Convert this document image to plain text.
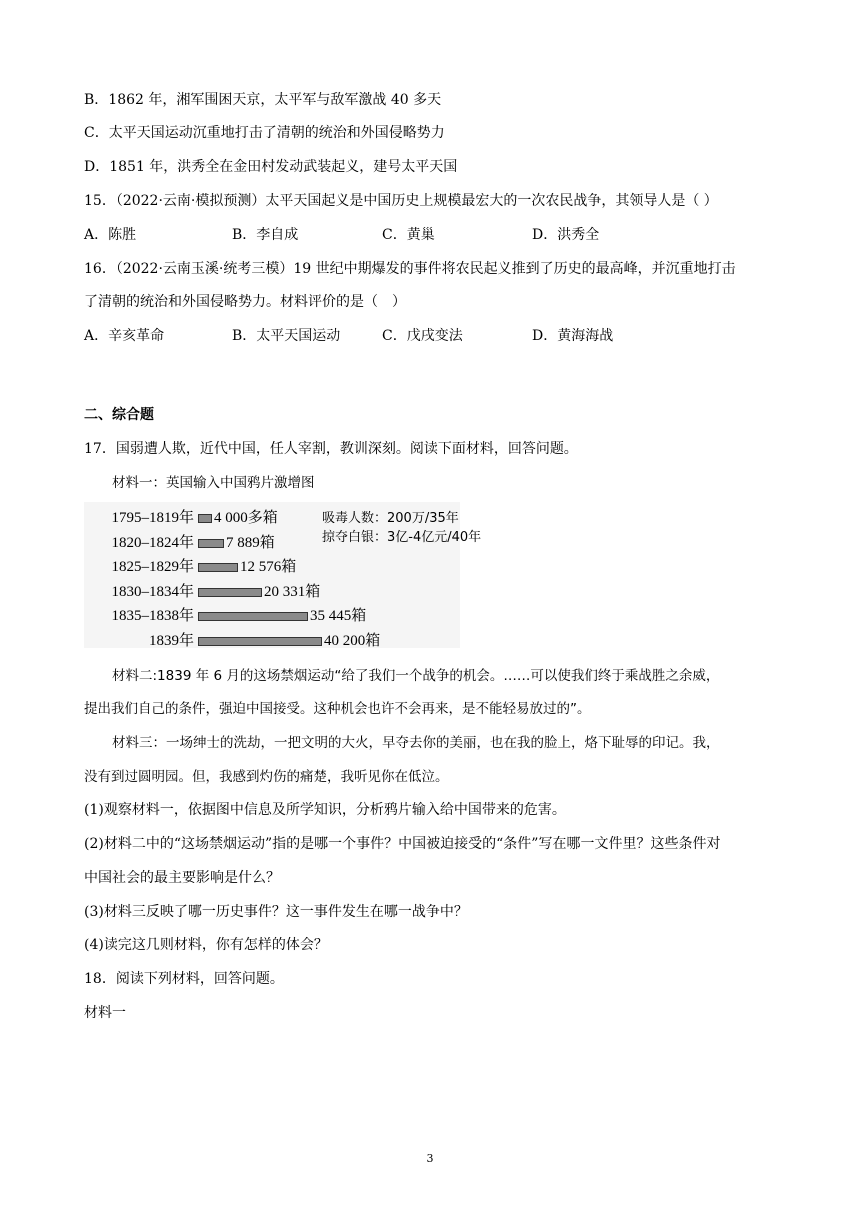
B．1862 年，湘军围困天京，太平军与敌军激战 40 多天
C．太平天国运动沉重地打击了清朝的统治和外国侵略势力
D．1851 年，洪秀全在金田村发动武装起义，建号太平天国
15．（2022·云南·模拟预测）太平天国起义是中国历史上规模最宏大的一次农民战争，其领导人是（ ）
A．陈胜	B．李自成	C．黄巢	D．洪秀全
16．（2022·云南玉溪·统考三模）19 世纪中期爆发的事件将农民起义推到了历史的最高峰，并沉重地打击
了清朝的统治和外国侵略势力。材料评价的是（　）
A．辛亥革命	B．太平天国运动	C．戊戌变法	D．黄海海战
二、综合题
17．国弱遭人欺，近代中国，任人宰割，教训深刻。阅读下面材料，回答问题。
材料一：英国输入中国鸦片激增图
1795–1819年 4 000多箱
1820–1824年 7 889箱
1825–1829年	12 576箱
1830–1834年	20 331箱
1835–1838年	35 445箱
1839年	40 200箱
吸毒人数：200万/35年
掠夺白银：3亿-4亿元/40年
材料二:1839 年 6 月的这场禁烟运动“给了我们一个战争的机会。……可以使我们终于乘战胜之余威，
提出我们自己的条件，强迫中国接受。这种机会也许不会再来，是不能轻易放过的”。
材料三：一场绅士的洗劫，一把文明的大火，早夺去你的美丽，也在我的脸上，烙下耻辱的印记。我，
没有到过圆明园。但，我感到灼伤的痛楚，我听见你在低泣。
(1)观察材料一，依据图中信息及所学知识，分析鸦片输入给中国带来的危害。
(2)材料二中的“这场禁烟运动”指的是哪一个事件？中国被迫接受的“条件”写在哪一文件里？这些条件对
中国社会的最主要影响是什么？
(3)材料三反映了哪一历史事件？这一事件发生在哪一战争中？
(4)读完这几则材料，你有怎样的体会？
18．阅读下列材料，回答问题。
材料一
3
